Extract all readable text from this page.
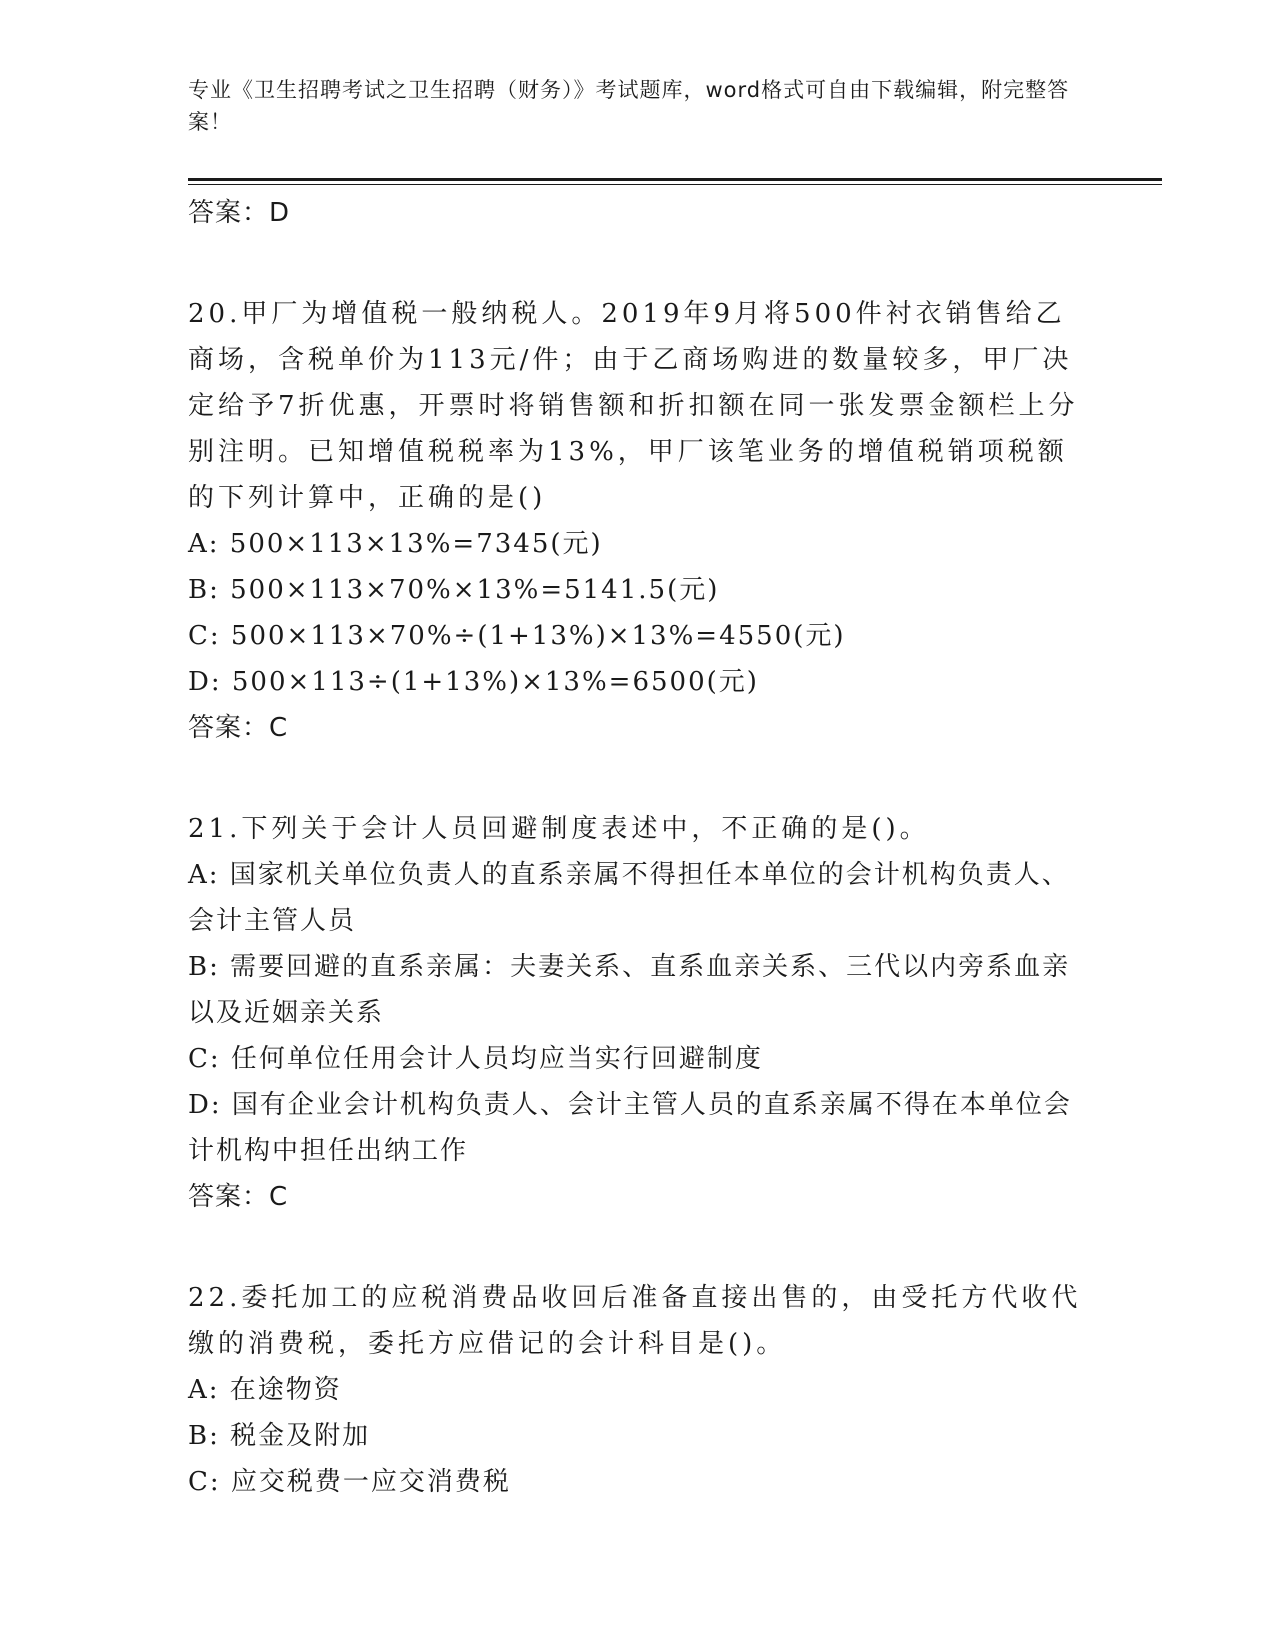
专业《卫生招聘考试之卫生招聘（财务）》考试题库，word格式可自由下载编辑，附完整答案！
答案：D
20.甲厂为增值税一般纳税人。2019年9月将500件衬衣销售给乙商场，含税单价为113元/件；由于乙商场购进的数量较多，甲厂决定给予7折优惠，开票时将销售额和折扣额在同一张发票金额栏上分别注明。已知增值税税率为13%，甲厂该笔业务的增值税销项税额的下列计算中，正确的是()
A: 500×113×13%=7345(元)
B: 500×113×70%×13%=5141.5(元)
C: 500×113×70%÷(1+13%)×13%=4550(元)
D: 500×113÷(1+13%)×13%=6500(元)
答案：C
21.下列关于会计人员回避制度表述中，不正确的是()。
A: 国家机关单位负责人的直系亲属不得担任本单位的会计机构负责人、会计主管人员
B: 需要回避的直系亲属：夫妻关系、直系血亲关系、三代以内旁系血亲以及近姻亲关系
C: 任何单位任用会计人员均应当实行回避制度
D: 国有企业会计机构负责人、会计主管人员的直系亲属不得在本单位会计机构中担任出纳工作
答案：C
22.委托加工的应税消费品收回后准备直接出售的，由受托方代收代缴的消费税，委托方应借记的会计科目是()。
A: 在途物资
B: 税金及附加
C: 应交税费一应交消费税
